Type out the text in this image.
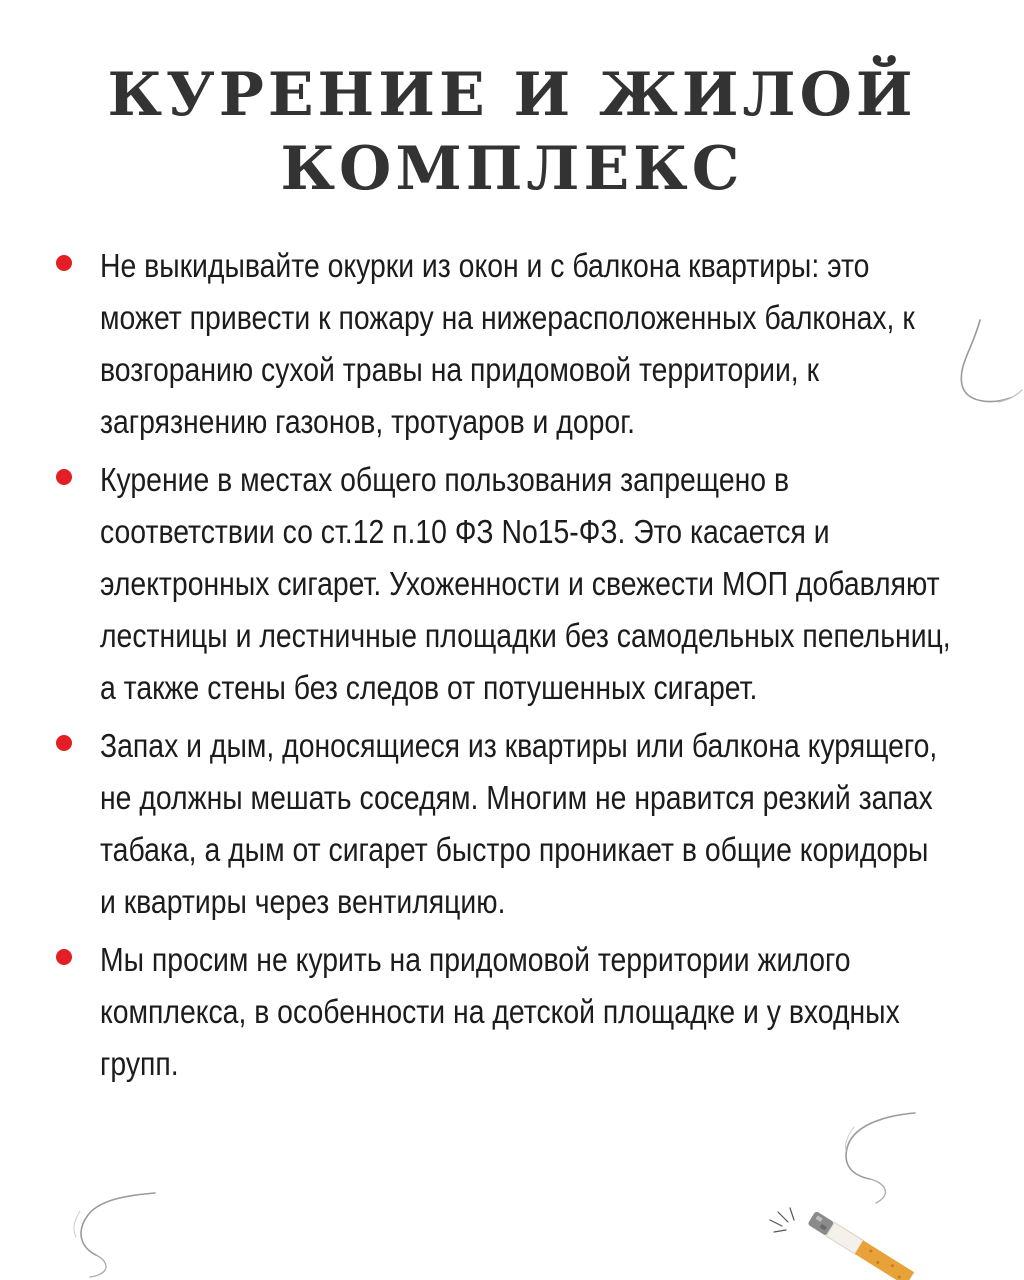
КУРЕНИЕ И ЖИЛОЙ
КОМПЛЕКС
Не выкидывайте окурки из окон и с балкона квартиры: это может привести к пожару на нижерасположенных балконах, к возгоранию сухой травы на придомовой территории, к загрязнению газонов, тротуаров и дорог.
Курение в местах общего пользования запрещено в соответствии со ст.12 п.10 ФЗ No15-ФЗ. Это касается и электронных сигарет. Ухоженности и свежести МОП добавляют лестницы и лестничные площадки без самодельных пепельниц, а также стены без следов от потушенных сигарет.
Запах и дым, доносящиеся из квартиры или балкона курящего, не должны мешать соседям. Многим не нравится резкий запах табака, а дым от сигарет быстро проникает в общие коридоры и квартиры через вентиляцию.
Мы просим не курить на придомовой территории жилого комплекса, в особенности на детской площадке и у входных групп.
